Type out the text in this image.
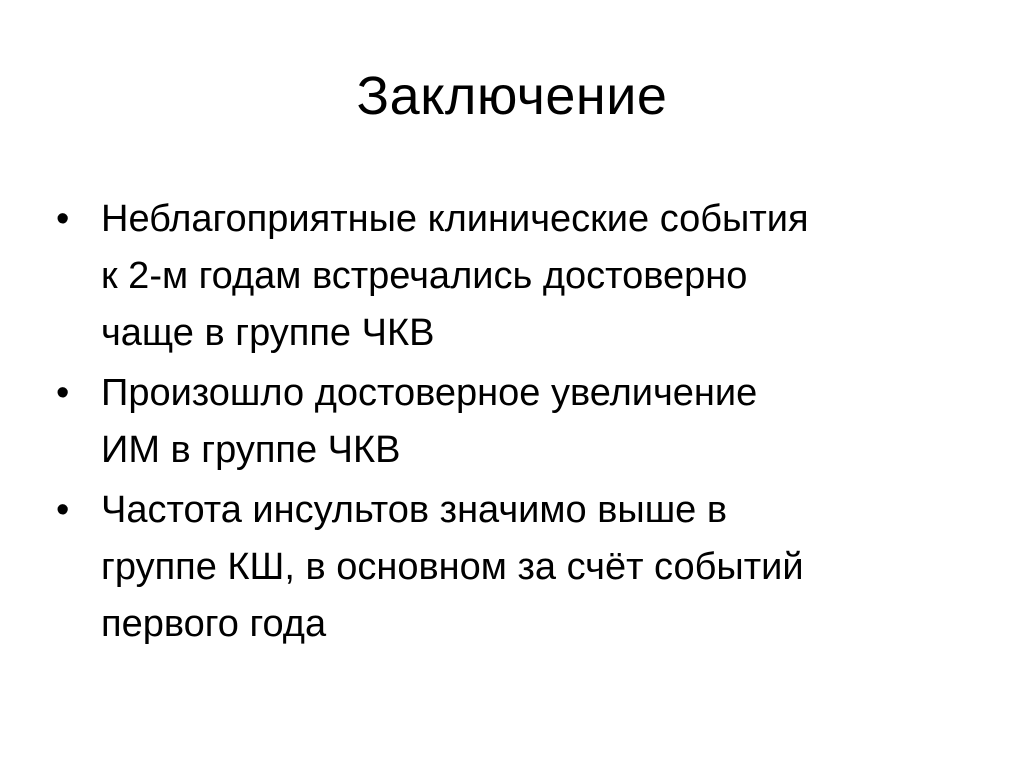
Заключение
• Неблагоприятные клинические события
к 2-м годам встречались достоверно
чаще в группе ЧКВ
• Произошло достоверное увеличение
ИМ в группе ЧКВ
• Частота инсультов значимо выше в
группе КШ, в основном за счёт событий
первого года
